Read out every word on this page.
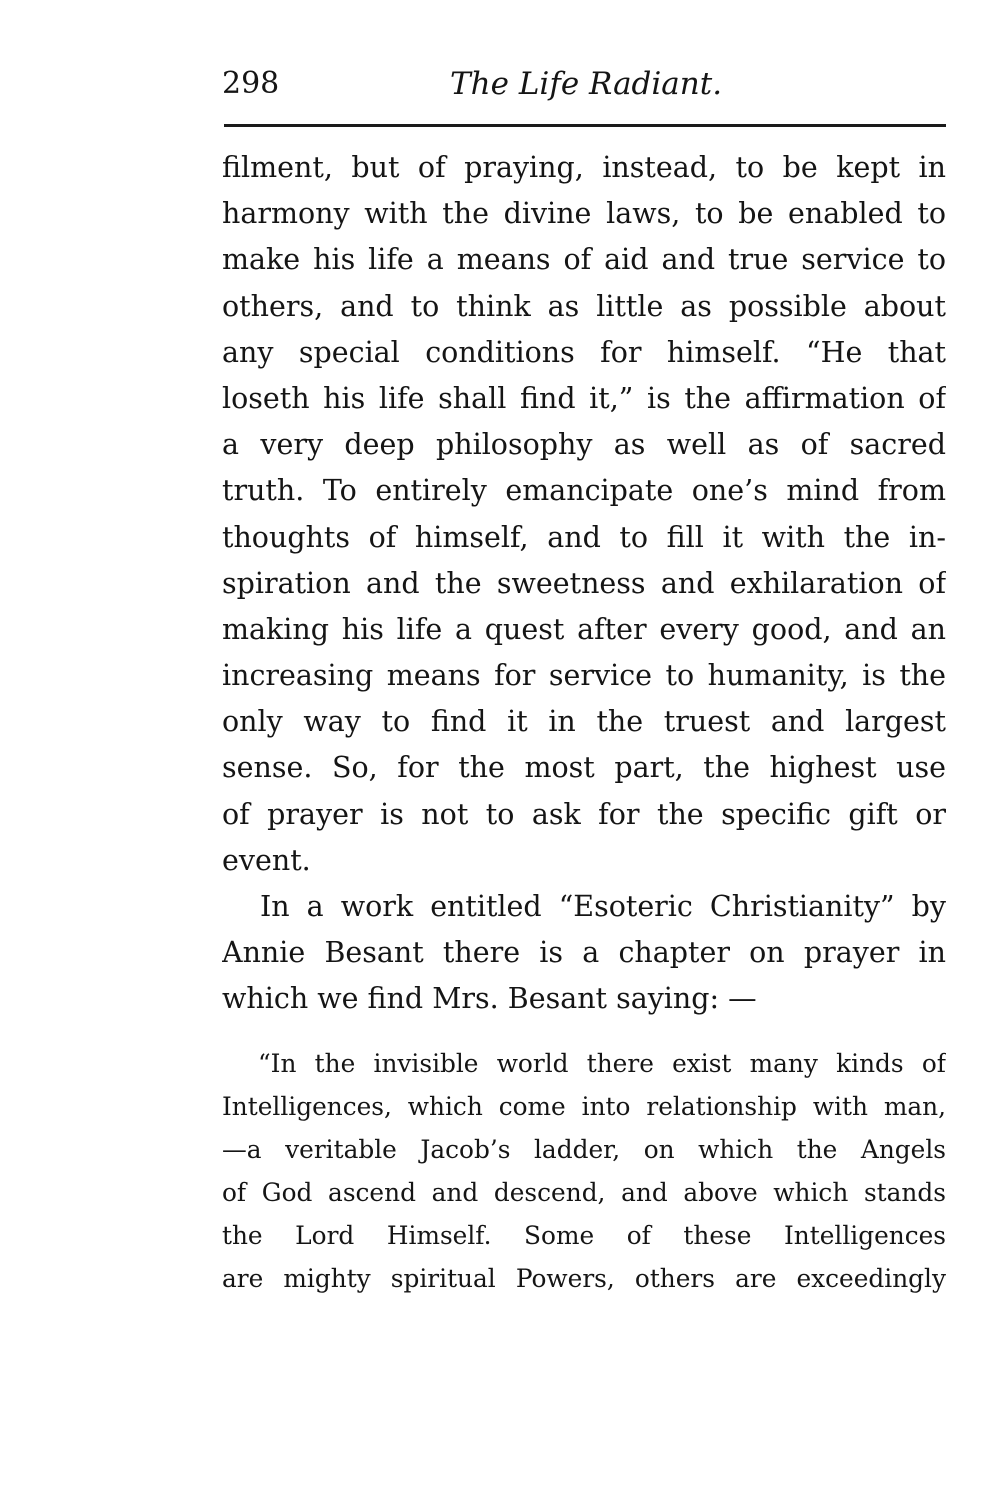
298	The Life Radiant.
filment, but of praying, instead, to be kept in
harmony with the divine laws, to be enabled to
make his life a means of aid and true service to
others, and to think as little as possible about
any special conditions for himself. “He that
loseth his life shall find it,” is the affirmation of
a very deep philosophy as well as of sacred
truth. To entirely emancipate one’s mind from
thoughts of himself, and to fill it with the in-
spiration and the sweetness and exhilaration of
making his life a quest after every good, and an
increasing means for service to humanity, is the
only way to find it in the truest and largest
sense. So, for the most part, the highest use
of prayer is not to ask for the specific gift or
event.
In a work entitled “Esoteric Christianity” by
Annie Besant there is a chapter on prayer in
which we find Mrs. Besant saying: —
“In the invisible world there exist many kinds of
Intelligences, which come into relationship with man,
—a veritable Jacob’s ladder, on which the Angels
of God ascend and descend, and above which stands
the Lord Himself. Some of these Intelligences
are mighty spiritual Powers, others are exceedingly
